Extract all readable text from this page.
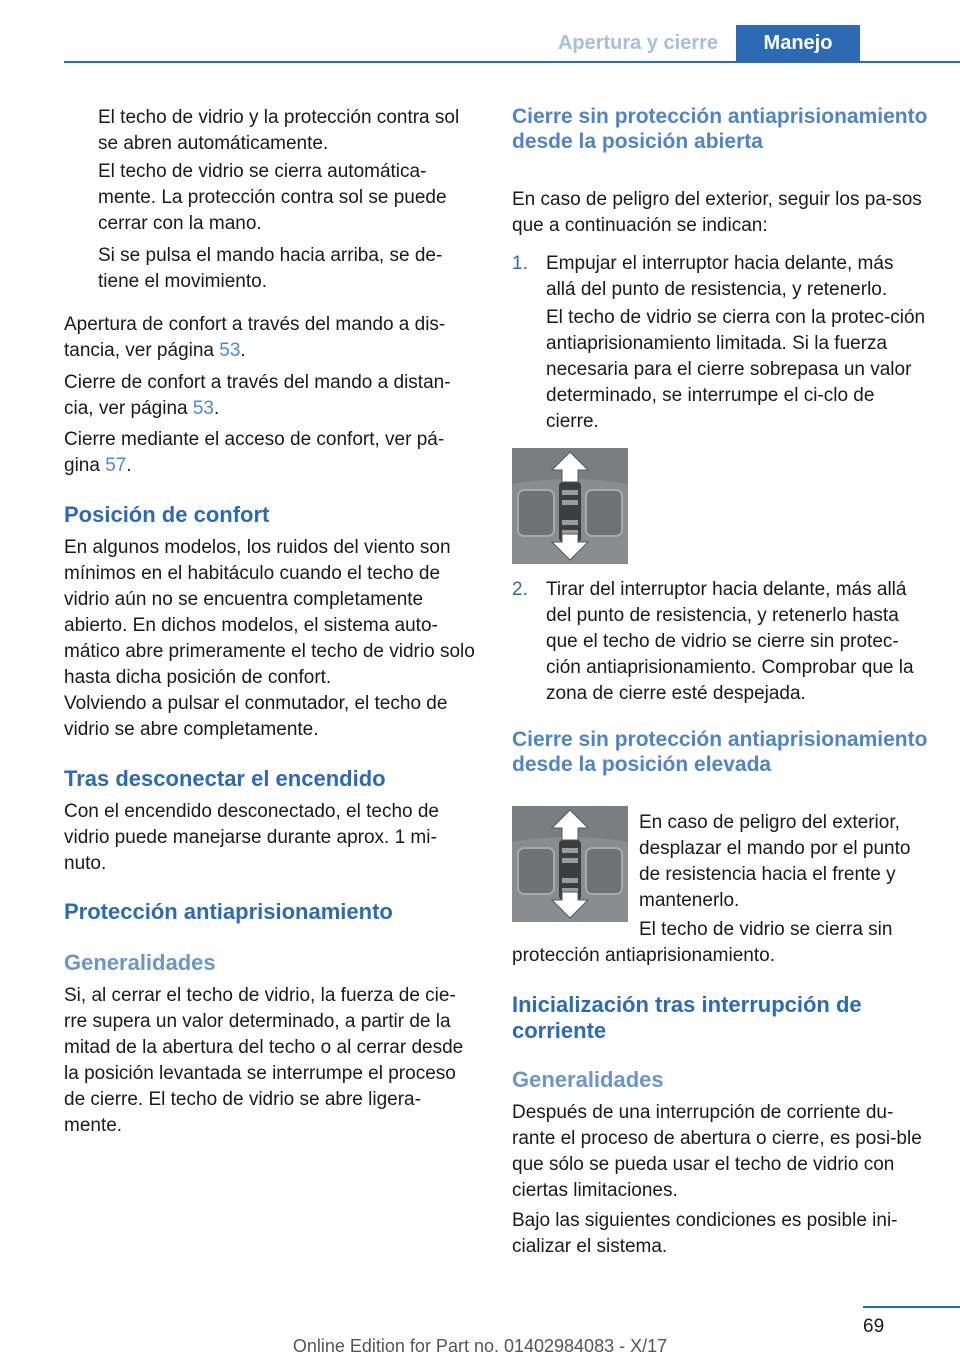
Apertura y cierre	Manejo

El techo de vidrio y la protección contra sol se abren automáticamente.

El techo de vidrio se cierra automática-mente. La protección contra sol se puede cerrar con la mano.

Si se pulsa el mando hacia arriba, se de-tiene el movimiento.

Apertura de confort a través del mando a dis-tancia, ver página 53.

Cierre de confort a través del mando a distan-cia, ver página 53.

Cierre mediante el acceso de confort, ver pá-gina 57.

Posición de confort

En algunos modelos, los ruidos del viento son mínimos en el habitáculo cuando el techo de vidrio aún no se encuentra completamente abierto. En dichos modelos, el sistema auto-mático abre primeramente el techo de vidrio solo hasta dicha posición de confort.

Volviendo a pulsar el conmutador, el techo de vidrio se abre completamente.

Tras desconectar el encendido

Con el encendido desconectado, el techo de vidrio puede manejarse durante aprox. 1 mi-nuto.

Protección antiaprisionamiento
Generalidades

Si, al cerrar el techo de vidrio, la fuerza de cie-rre supera un valor determinado, a partir de la mitad de la abertura del techo o al cerrar desde la posición levantada se interrumpe el proceso de cierre. El techo de vidrio se abre ligera-mente.

Cierre sin protección antiaprisionamiento desde la posición abierta

En caso de peligro del exterior, seguir los pa-sos que a continuación se indican:

1. Empujar el interruptor hacia delante, más allá del punto de resistencia, y retenerlo.

El techo de vidrio se cierra con la protec-ción antiaprisionamiento limitada. Si la fuerza necesaria para el cierre sobrepasa un valor determinado, se interrumpe el ci-clo de cierre.

2. Tirar del interruptor hacia delante, más allá del punto de resistencia, y retenerlo hasta que el techo de vidrio se cierre sin protec-ción antiaprisionamiento. Comprobar que la zona de cierre esté despejada.

Cierre sin protección antiaprisionamiento desde la posición elevada

En caso de peligro del exterior, desplazar el mando por el punto de resistencia hacia el frente y mantenerlo.

El techo de vidrio se cierra sin

protección antiaprisionamiento.

Inicialización tras interrupción de corriente
Generalidades

Después de una interrupción de corriente du-rante el proceso de abertura o cierre, es posi-ble que sólo se pueda usar el techo de vidrio con ciertas limitaciones.

Bajo las siguientes condiciones es posible ini-cializar el sistema.

69
Online Edition for Part no. 01402984083 - X/17
